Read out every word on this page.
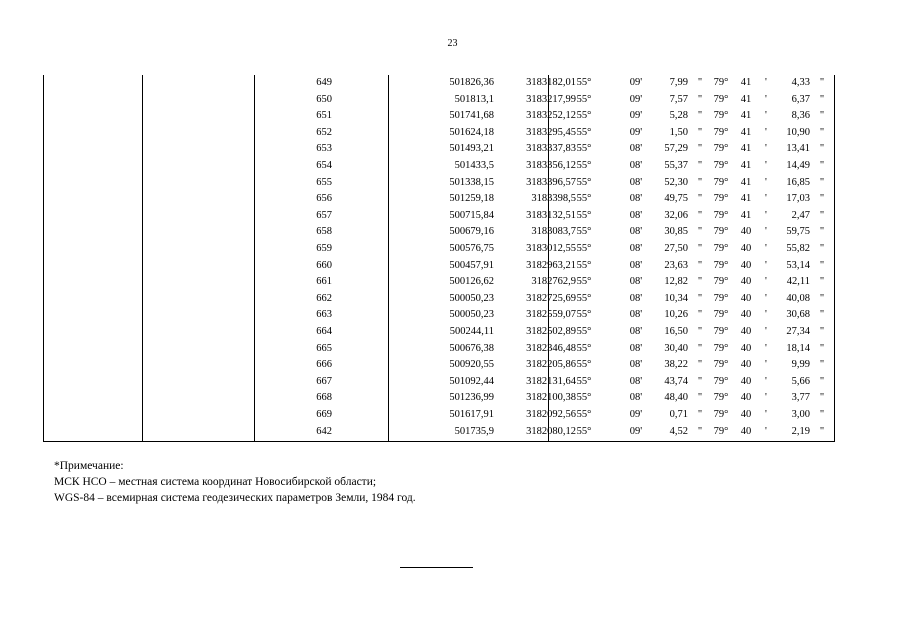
23
649	501826,36	3183182,01 55°	09'	7,99 " 79° 41 '	4,33 "
650	501813,1	3183217,99 55°	09'	7,57 " 79° 41 '	6,37 "
651	501741,68	3183252,12 55°	09'	5,28 " 79° 41 '	8,36 "
652	501624,18	3183295,45 55°	09'	1,50 " 79° 41 '	10,90 "
653	501493,21	3183337,83 55°	08'	57,29 " 79° 41 '	13,41 "
654	501433,5	3183356,12 55°	08'	55,37 " 79° 41 '	14,49 "
655	501338,15	3183396,57 55°	08'	52,30 " 79° 41 '	16,85 "
656	501259,18	3183398,5 55°	08'	49,75 " 79° 41 '	17,03 "
657	500715,84	3183132,51 55°	08'	32,06 " 79° 41 '	2,47 "
658	500679,16	3183083,7 55°	08'	30,85 " 79° 40 '	59,75 "
659	500576,75	3183012,55 55°	08'	27,50 " 79° 40 '	55,82 "
660	500457,91	3182963,21 55°	08'	23,63 " 79° 40 '	53,14 "
661	500126,62	3182762,9 55°	08'	12,82 " 79° 40 '	42,11 "
662	500050,23	3182725,69 55°	08'	10,34 " 79° 40 '	40,08 "
663	500050,23	3182559,07 55°	08'	10,26 " 79° 40 '	30,68 "
664	500244,11	3182502,89 55°	08'	16,50 " 79° 40 '	27,34 "
665	500676,38	3182346,48 55°	08'	30,40 " 79° 40 '	18,14 "
666	500920,55	3182205,86 55°	08'	38,22 " 79° 40 '	9,99 "
667	501092,44	3182131,64 55°	08'	43,74 " 79° 40 '	5,66 "
668	501236,99	3182100,38 55°	08'	48,40 " 79° 40 '	3,77 "
669	501617,91	3182092,56 55°	09'	0,71 " 79° 40 '	3,00 "
642	501735,9	3182080,12 55°	09'	4,52 " 79° 40 '	2,19 "
*Примечание:
МСК НСО – местная система координат Новосибирской области;
WGS-84 – всемирная система геодезических параметров Земли, 1984 год.
